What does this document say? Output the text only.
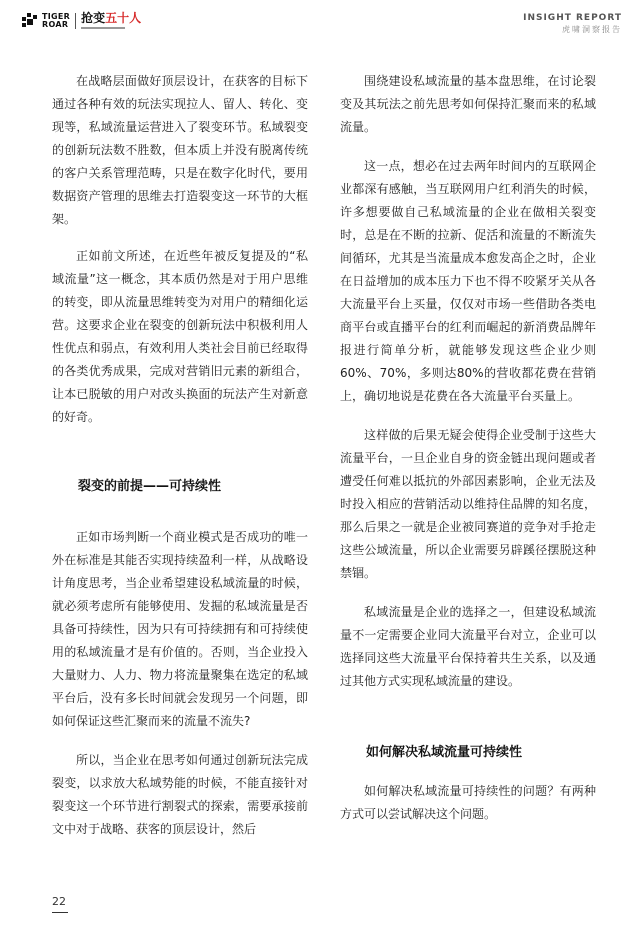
TIGER
ROAR 抢变五十人	INSIGHT REPORT
虎啸洞察报告

在战略层面做好顶层设计，在获客的目标下通过各种有效的玩法实现拉人、留人、转化、变现等，私域流量运营进入了裂变环节。私域裂变的创新玩法数不胜数，但本质上并没有脱离传统的客户关系管理范畴，只是在数字化时代，要用数据资产管理的思维去打造裂变这一环节的大框架。

正如前文所述，在近些年被反复提及的“私域流量”这一概念，其本质仍然是对于用户思维的转变，即从流量思维转变为对用户的精细化运营。这要求企业在裂变的创新玩法中积极利用人性优点和弱点，有效利用人类社会目前已经取得的各类优秀成果，完成对营销旧元素的新组合，让本已脱敏的用户对改头换面的玩法产生对新意的好奇。

裂变的前提——可持续性

正如市场判断一个商业模式是否成功的唯一外在标准是其能否实现持续盈利一样，从战略设计角度思考，当企业希望建设私域流量的时候，就必须考虑所有能够使用、发掘的私域流量是否具备可持续性，因为只有可持续拥有和可持续使用的私域流量才是有价值的。否则，当企业投入大量财力、人力、物力将流量聚集在选定的私域平台后，没有多长时间就会发现另一个问题，即如何保证这些汇聚而来的流量不流失?

所以，当企业在思考如何通过创新玩法完成裂变，以求放大私域势能的时候，不能直接针对裂变这一个环节进行割裂式的探索，需要承接前文中对于战略、获客的顶层设计，然后

围绕建设私域流量的基本盘思维，在讨论裂变及其玩法之前先思考如何保持汇聚而来的私域流量。

这一点，想必在过去两年时间内的互联网企业都深有感触，当互联网用户红利消失的时候，许多想要做自己私域流量的企业在做相关裂变时，总是在不断的拉新、促活和流量的不断流失间循环，尤其是当流量成本愈发高企之时，企业在日益增加的成本压力下也不得不咬紧牙关从各大流量平台上买量，仅仅对市场一些借助各类电商平台或直播平台的红利而崛起的新消费品牌年报进行简单分析，就能够发现这些企业少则60%、70%，多则达80%的营收都花费在营销上，确切地说是花费在各大流量平台买量上。

这样做的后果无疑会使得企业受制于这些大流量平台，一旦企业自身的资金链出现问题或者遭受任何难以抵抗的外部因素影响，企业无法及时投入相应的营销活动以维持住品牌的知名度，那么后果之一就是企业被同赛道的竞争对手抢走这些公域流量，所以企业需要另辟蹊径摆脱这种禁锢。

私域流量是企业的选择之一，但建设私域流量不一定需要企业同大流量平台对立，企业可以选择同这些大流量平台保持着共生关系，以及通过其他方式实现私域流量的建设。

如何解决私域流量可持续性

如何解决私域流量可持续性的问题？有两种方式可以尝试解决这个问题。

22
